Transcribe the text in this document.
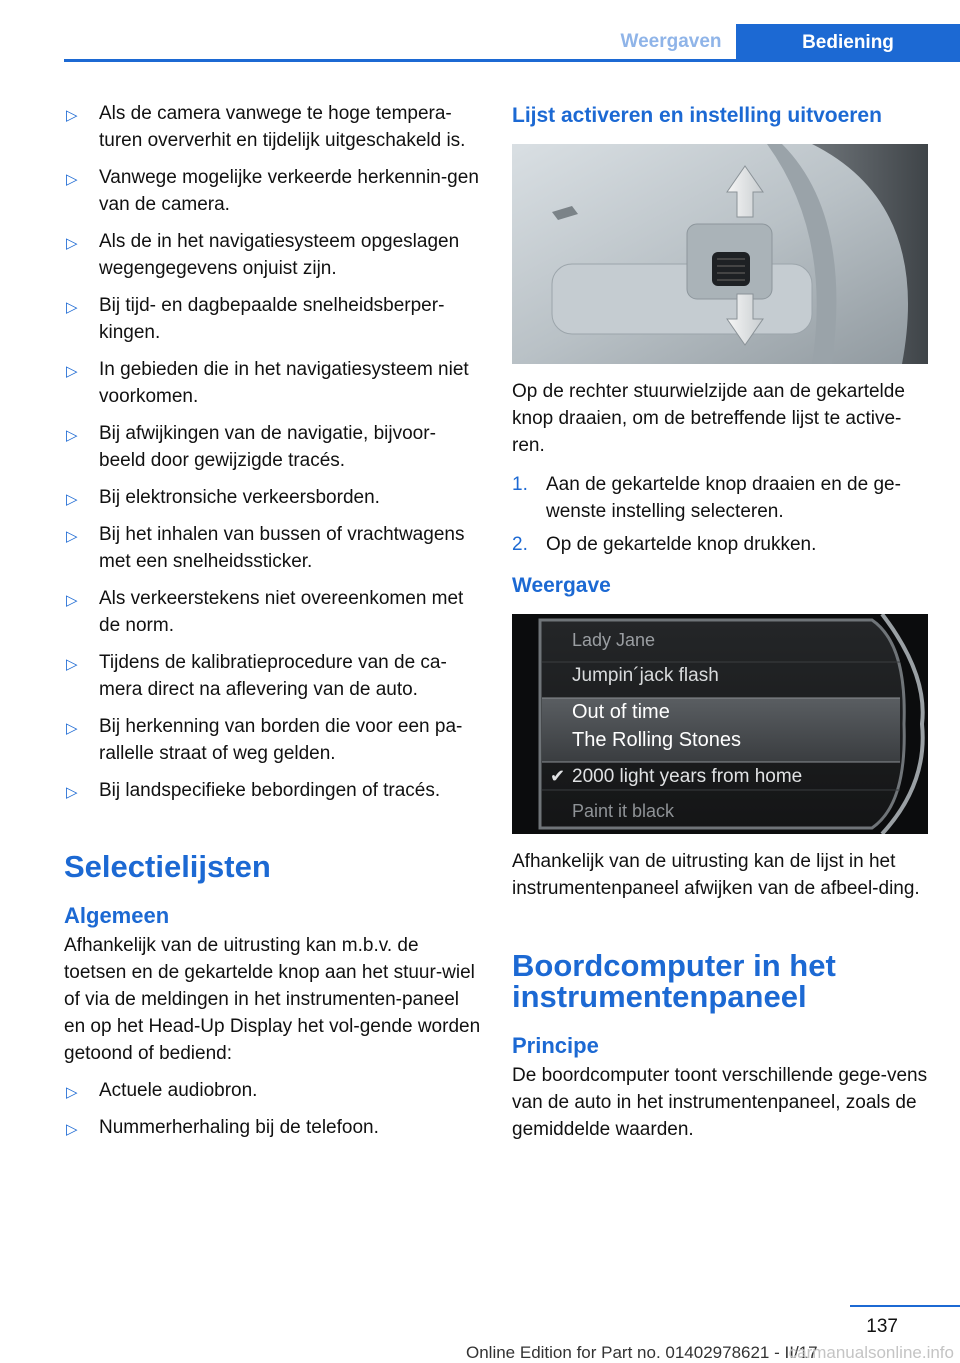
Weergaven	Bediening
▷ Als de camera vanwege te hoge tempera-turen oververhit en tijdelijk uitgeschakeld is.
▷ Vanwege mogelijke verkeerde herkennin-gen van de camera.
▷ Als de in het navigatiesysteem opgeslagen wegengegevens onjuist zijn.
▷ Bij tijd- en dagbepaalde snelheidsberper-kingen.
▷ In gebieden die in het navigatiesysteem niet voorkomen.
▷ Bij afwijkingen van de navigatie, bijvoor-beeld door gewijzigde tracés.
▷ Bij elektronsiche verkeersborden.
▷ Bij het inhalen van bussen of vrachtwagens met een snelheidssticker.
▷ Als verkeerstekens niet overeenkomen met de norm.
▷ Tijdens de kalibratieprocedure van de ca-mera direct na aflevering van de auto.
▷ Bij herkenning van borden die voor een pa-rallelle straat of weg gelden.
▷ Bij landspecifieke bebordingen of tracés.
Selectielijsten
Algemeen

Afhankelijk van de uitrusting kan m.b.v. de toetsen en de gekartelde knop aan het stuur-wiel of via de meldingen in het instrumenten-paneel en op het Head-Up Display het vol-gende worden getoond of bediend:

▷ Actuele audiobron.
▷ Nummerherhaling bij de telefoon.
Lijst activeren en instelling uitvoeren

Op de rechter stuurwielzijde aan de gekartelde knop draaien, om de betreffende lijst te active-ren.

1. Aan de gekartelde knop draaien en de ge-wenste instelling selecteren.
2. Op de gekartelde knop drukken.
Weergave
Lady Jane
Jumpin´jack flash
Out of time
The Rolling Stones
✔ 2000 light years from home
Paint it black

Afhankelijk van de uitrusting kan de lijst in het instrumentenpaneel afwijken van de afbeel-ding.

Boordcomputer in het instrumentenpaneel
Principe

De boordcomputer toont verschillende gege-vens van de auto in het instrumentenpaneel, zoals de gemiddelde waarden.

137
Online Edition for Part no. 01402978621 - II/17
carmanualsonline.info
